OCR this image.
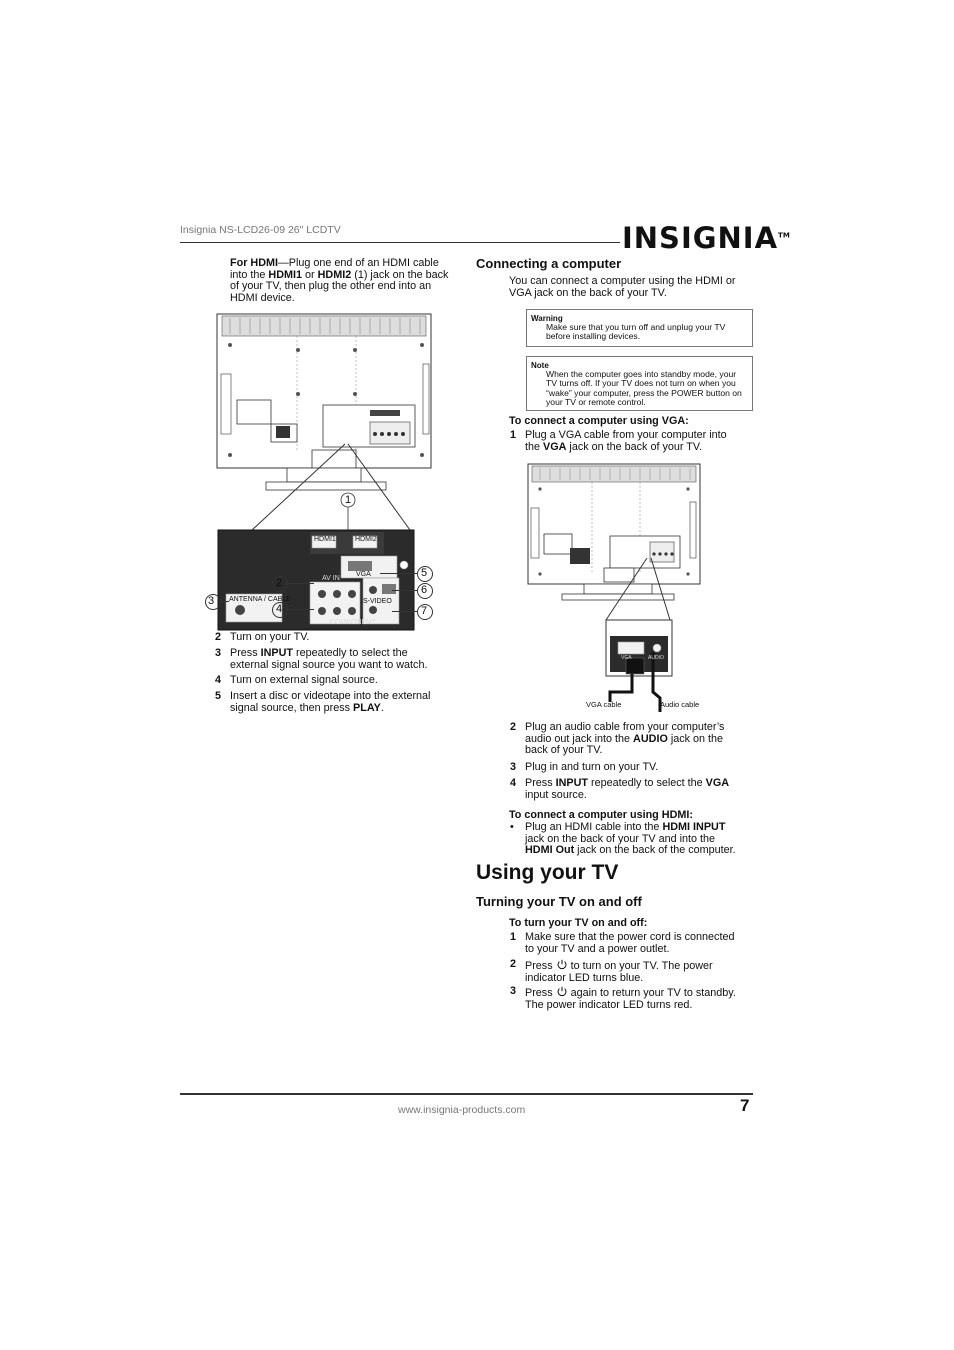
Insignia NS-LCD26-09 26" LCDTV	INSIGNIA™
For HDMI—Plug one end of an HDMI cable into the HDMI1 or HDMI2 (1) jack on the back of your TV, then plug the other end into an HDMI device.
1
2
3
4
5
6
7
HDMI1	HDMI2
VGA
AV IN
COMPONENT
ANTENNA / CABLE	S-VIDEO
2 Turn on your TV.
3 Press INPUT repeatedly to select the
external signal source you want to watch.
4 Turn on external signal source.
5 Insert a disc or videotape into the external
signal source, then press PLAY.
Connecting a computer
You can connect a computer using the HDMI or VGA jack on the back of your TV.
Warning
Make sure that you turn off and unplug your TV before installing devices.
Note
When the computer goes into standby mode, your TV turns off. If your TV does not turn on when you “wake” your computer, press the POWER button on your TV or remote control.
To connect a computer using VGA:
1 Plug a VGA cable from your computer into
the VGA jack on the back of your TV.
VGA cable	Audio cable
VGA	AUDIO
2 Plug an audio cable from your computer’s
audio out jack into the AUDIO jack on the
back of your TV.
3 Plug in and turn on your TV.
4 Press INPUT repeatedly to select the VGA
input source.
To connect a computer using HDMI:
• Plug an HDMI cable into the HDMI INPUT
jack on the back of your TV and into the
HDMI Out jack on the back of the computer.
Using your TV
Turning your TV on and off
To turn your TV on and off:
1 Make sure that the power cord is connected
to your TV and a power outlet.
2 Press  to turn on your TV. The power
indicator LED turns blue.
3 Press  again to return your TV to standby.
The power indicator LED turns red.
www.insignia-products.com	7
